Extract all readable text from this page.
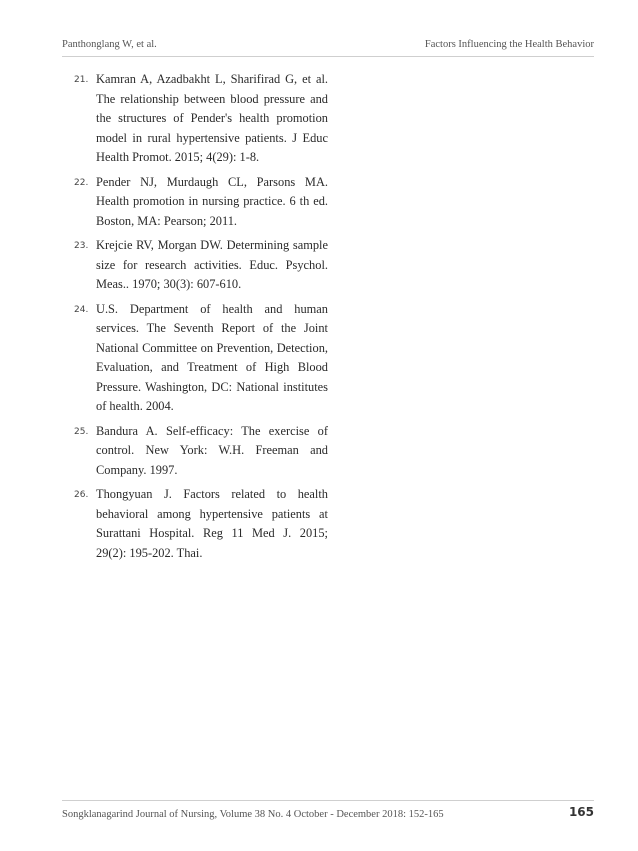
Panthonglang W, et al.	Factors Influencing the Health Behavior
21. Kamran A, Azadbakht L, Sharifirad G, et al. The relationship between blood pressure and the structures of Pender's health promotion model in rural hypertensive patients. J Educ Health Promot. 2015; 4(29): 1-8.
22. Pender NJ, Murdaugh CL, Parsons MA. Health promotion in nursing practice. 6 th ed. Boston, MA: Pearson; 2011.
23. Krejcie RV, Morgan DW. Determining sample size for research activities. Educ. Psychol. Meas.. 1970; 30(3): 607-610.
24. U.S. Department of health and human services. The Seventh Report of the Joint National Committee on Prevention, Detection, Evaluation, and Treatment of High Blood Pressure. Washington, DC: National institutes of health. 2004.
25. Bandura A. Self-efficacy: The exercise of control. New York: W.H. Freeman and Company. 1997.
26. Thongyuan J. Factors related to health behavioral among hypertensive patients at Surattani Hospital. Reg 11 Med J. 2015; 29(2): 195-202. Thai.
Songklanagarind Journal of Nursing, Volume 38 No. 4 October - December 2018: 152-165	165
